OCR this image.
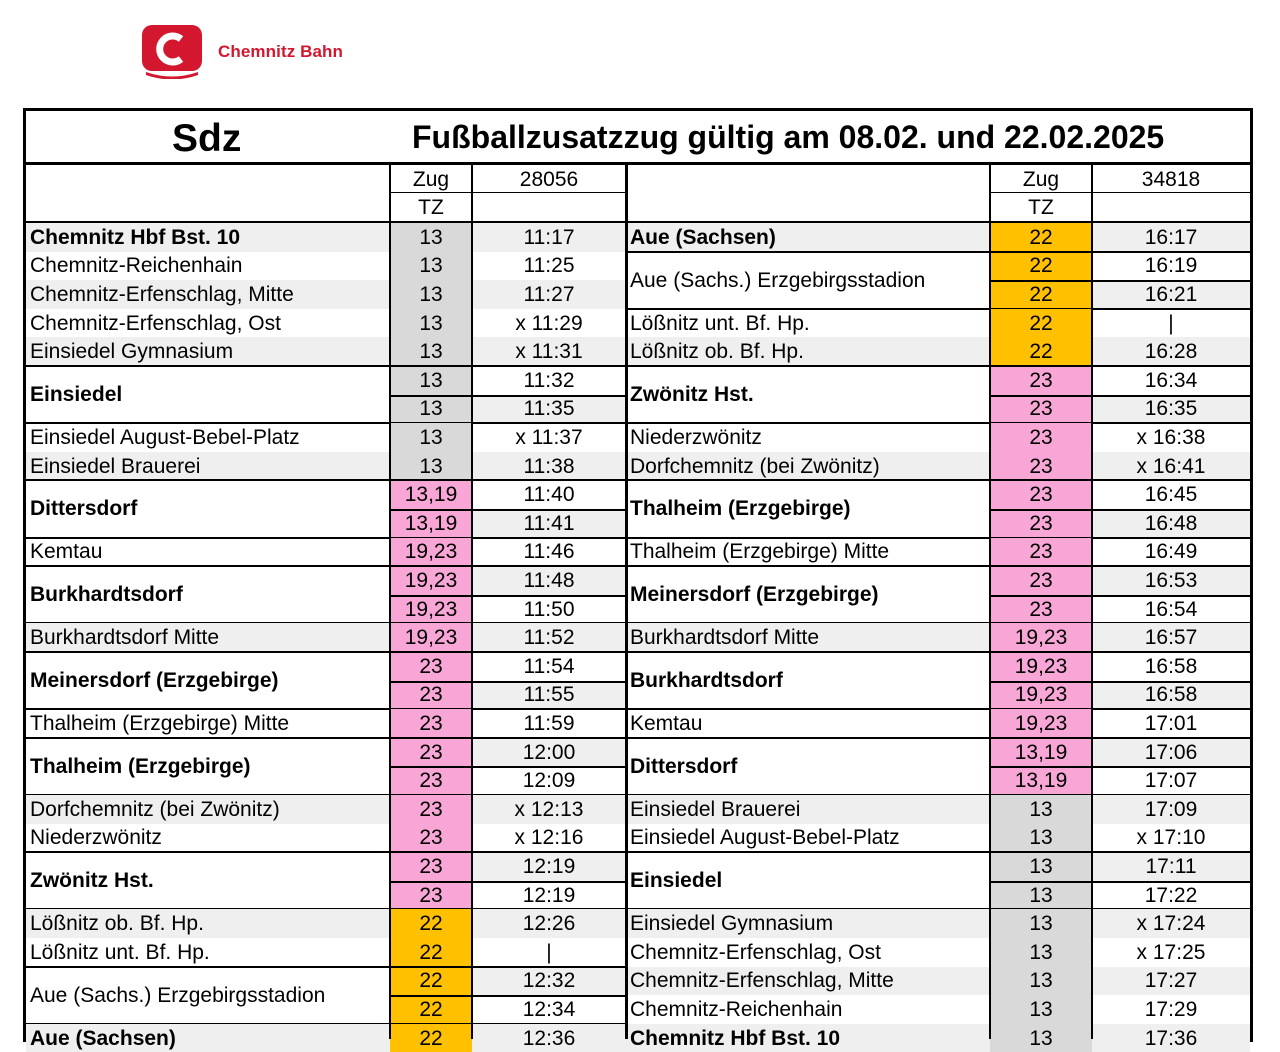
Chemnitz Bahn
Sdz	Fußballzusatzzug gültig am 08.02. und 22.02.2025
Zug	28056
TZ
Chemnitz Hbf Bst. 10	13	11:17
Chemnitz-Reichenhain	13	11:25
Chemnitz-Erfenschlag, Mitte	13	11:27
Chemnitz-Erfenschlag, Ost	13	x 11:29
Einsiedel Gymnasium	13	x 11:31
Einsiedel
13	11:32
13	11:35
Einsiedel August-Bebel-Platz	13	x 11:37
Einsiedel Brauerei	13	11:38
Dittersdorf
13,19	11:40
13,19	11:41
Kemtau	19,23	11:46
Burkhardtsdorf
19,23	11:48
19,23	11:50
Burkhardtsdorf Mitte	19,23	11:52
Meinersdorf (Erzgebirge)
23	11:54
23	11:55
Thalheim (Erzgebirge) Mitte	23	11:59
Thalheim (Erzgebirge)
23	12:00
23	12:09
Dorfchemnitz (bei Zwönitz)	23	x 12:13
Niederzwönitz	23	x 12:16
Zwönitz Hst.
23	12:19
23	12:19
Lößnitz ob. Bf. Hp.	22	12:26
Lößnitz unt. Bf. Hp.	22	|
Aue (Sachs.) Erzgebirgsstadion
22	12:32
22	12:34
Aue (Sachsen)	22	12:36
Zug	34818
TZ
Aue (Sachsen)	22	16:17
Aue (Sachs.) Erzgebirgsstadion
22	16:19
22	16:21
Lößnitz unt. Bf. Hp.	22	|
Lößnitz ob. Bf. Hp.	22	16:28
Zwönitz Hst.
23	16:34
23	16:35
Niederzwönitz	23	x 16:38
Dorfchemnitz (bei Zwönitz)	23	x 16:41
Thalheim (Erzgebirge)
23	16:45
23	16:48
Thalheim (Erzgebirge) Mitte	23	16:49
Meinersdorf (Erzgebirge)
23	16:53
23	16:54
Burkhardtsdorf Mitte	19,23	16:57
Burkhardtsdorf
19,23	16:58
19,23	16:58
Kemtau	19,23	17:01
Dittersdorf
13,19	17:06
13,19	17:07
Einsiedel Brauerei	13	17:09
Einsiedel August-Bebel-Platz	13	x 17:10
Einsiedel
13	17:11
13	17:22
Einsiedel Gymnasium	13	x 17:24
Chemnitz-Erfenschlag, Ost	13	x 17:25
Chemnitz-Erfenschlag, Mitte	13	17:27
Chemnitz-Reichenhain	13	17:29
Chemnitz Hbf Bst. 10	13	17:36
